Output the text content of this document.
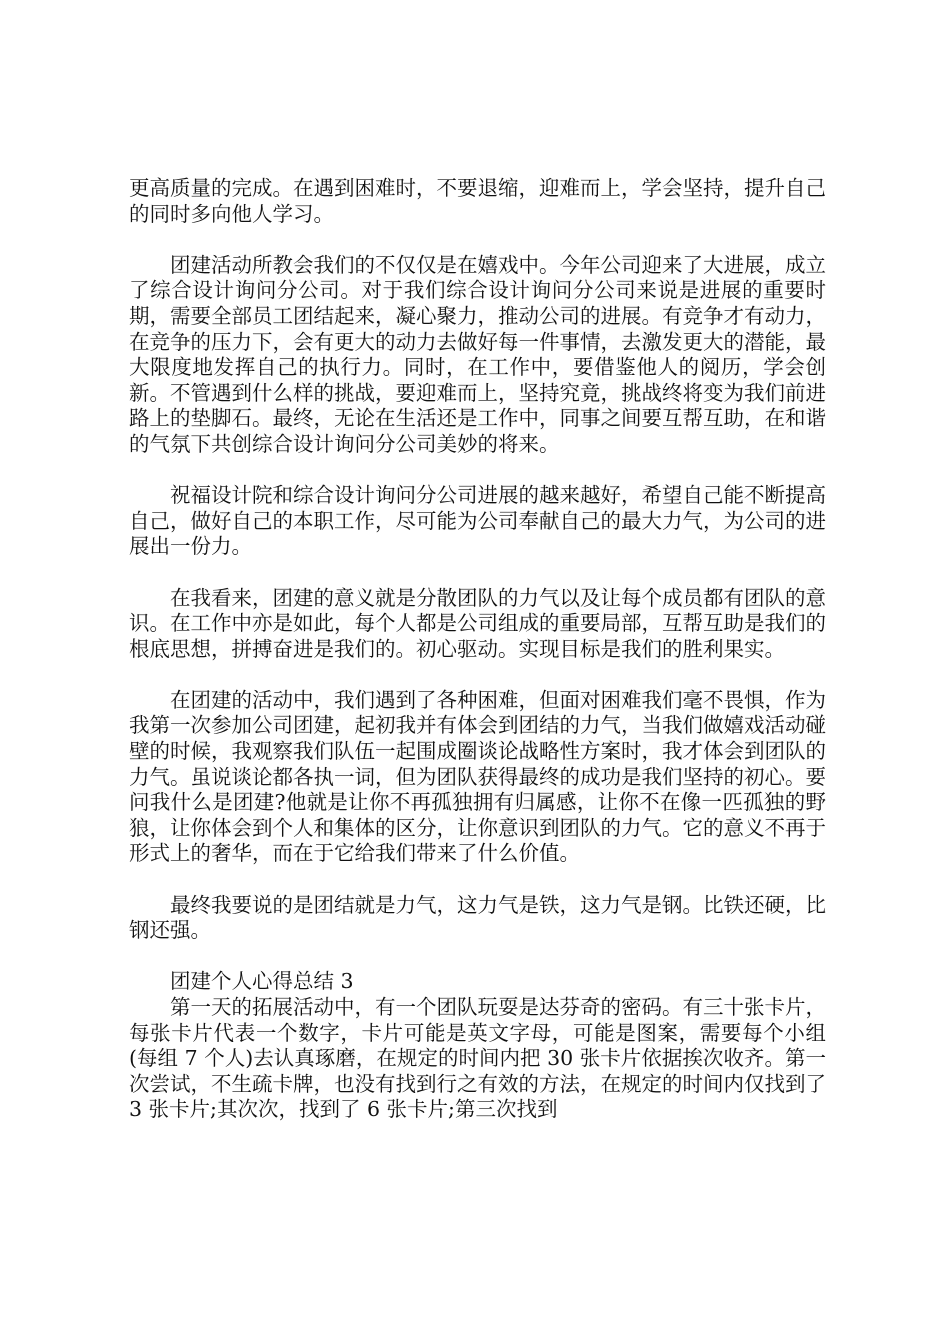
更高质量的完成。在遇到困难时，不要退缩，迎难而上，学会坚持，提升自己的同时多向他人学习。

团建活动所教会我们的不仅仅是在嬉戏中。今年公司迎来了大进展，成立了综合设计询问分公司。对于我们综合设计询问分公司来说是进展的重要时期，需要全部员工团结起来，凝心聚力，推动公司的进展。有竞争才有动力，在竞争的压力下，会有更大的动力去做好每一件事情，去激发更大的潜能，最大限度地发挥自己的执行力。同时，在工作中，要借鉴他人的阅历，学会创新。不管遇到什么样的挑战，要迎难而上，坚持究竟，挑战终将变为我们前进路上的垫脚石。最终，无论在生活还是工作中，同事之间要互帮互助，在和谐的气氛下共创综合设计询问分公司美妙的将来。

祝福设计院和综合设计询问分公司进展的越来越好，希望自己能不断提高自己，做好自己的本职工作，尽可能为公司奉献自己的最大力气，为公司的进展出一份力。

在我看来，团建的意义就是分散团队的力气以及让每个成员都有团队的意识。在工作中亦是如此，每个人都是公司组成的重要局部，互帮互助是我们的根底思想，拼搏奋进是我们的。初心驱动。实现目标是我们的胜利果实。

在团建的活动中，我们遇到了各种困难，但面对困难我们毫不畏惧，作为我第一次参加公司团建，起初我并有体会到团结的力气，当我们做嬉戏活动碰壁的时候，我观察我们队伍一起围成圈谈论战略性方案时，我才体会到团队的力气。虽说谈论都各执一词，但为团队获得最终的成功是我们坚持的初心。要问我什么是团建?他就是让你不再孤独拥有归属感，让你不在像一匹孤独的野狼，让你体会到个人和集体的区分，让你意识到团队的力气。它的意义不再于形式上的奢华，而在于它给我们带来了什么价值。

最终我要说的是团结就是力气，这力气是铁，这力气是钢。比铁还硬，比钢还强。

团建个人心得总结 3

第一天的拓展活动中，有一个团队玩耍是达芬奇的密码。有三十张卡片，每张卡片代表一个数字，卡片可能是英文字母，可能是图案，需要每个小组(每组 7 个人)去认真琢磨，在规定的时间内把 30 张卡片依据挨次收齐。第一次尝试，不生疏卡牌，也没有找到行之有效的方法，在规定的时间内仅找到了 3 张卡片;其次次，找到了 6 张卡片;第三次找到
